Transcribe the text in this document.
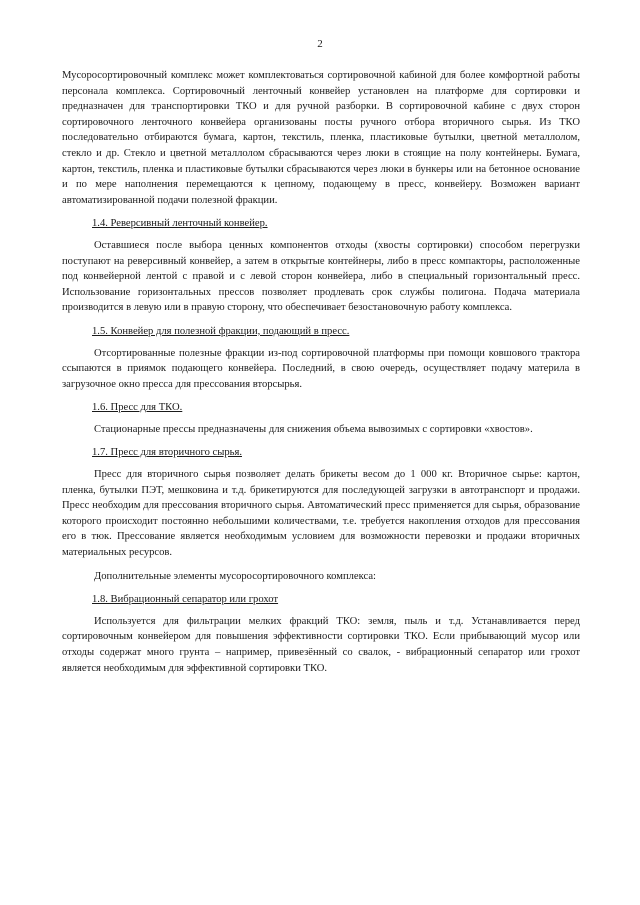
2

Мусоросортировочный комплекс может комплектоваться сортировочной кабиной для более комфортной работы персонала комплекса. Сортировочный ленточный конвейер установлен на платформе для сортировки и предназначен для транспортировки ТКО и для ручной разборки. В сортировочной кабине с двух сторон сортировочного ленточного конвейера организованы посты ручного отбора вторичного сырья. Из ТКО последовательно отбираются бумага, картон, текстиль, пленка, пластиковые бутылки, цветной металлолом, стекло и др. Стекло и цветной металлолом сбрасываются через люки в стоящие на полу контейнеры. Бумага, картон, текстиль, пленка и пластиковые бутылки сбрасываются через люки в бункеры или на бетонное основание и по мере наполнения перемещаются к цепному, подающему в пресс, конвейеру. Возможен вариант автоматизированной подачи полезной фракции.

1.4. Реверсивный ленточный конвейер.

Оставшиеся после выбора ценных компонентов отходы (хвосты сортировки) способом перегрузки поступают на реверсивный конвейер, а затем в открытые контейнеры, либо в пресс компакторы, расположенные под конвейерной лентой с правой и с левой сторон конвейера, либо в специальный горизонтальный пресс. Использование горизонтальных прессов позволяет продлевать срок службы полигона. Подача материала производится в левую или в правую сторону, что обеспечивает безостановочную работу комплекса.

1.5. Конвейер для полезной фракции, подающий в пресс.

Отсортированные полезные фракции из-под сортировочной платформы при помощи ковшового трактора ссыпаются в приямок подающего конвейера. Последний, в свою очередь, осуществляет подачу материла в загрузочное окно пресса для прессования вторсырья.

1.6. Пресс для ТКО.

Стационарные прессы предназначены для снижения объема вывозимых с сортировки «хвостов».

1.7. Пресс для вторичного сырья.

Пресс для вторичного сырья позволяет делать брикеты весом до 1 000 кг. Вторичное сырье: картон, пленка, бутылки ПЭТ, мешковина и т.д. брикетируются для последующей загрузки в автотранспорт и продажи. Пресс необходим для прессования вторичного сырья. Автоматический пресс применяется для сырья, образование которого происходит постоянно небольшими количествами, т.е. требуется накопления отходов для прессования его в тюк. Прессование является необходимым условием для возможности перевозки и продажи вторичных материальных ресурсов.

Дополнительные элементы мусоросортировочного комплекса:

1.8. Вибрационный сепаратор или грохот

Используется для фильтрации мелких фракций ТКО: земля, пыль и т.д. Устанавливается перед сортировочным конвейером для повышения эффективности сортировки ТКО. Если прибывающий мусор или отходы содержат много грунта – например, привезённый со свалок, - вибрационный сепаратор или грохот является необходимым для эффективной сортировки ТКО.
